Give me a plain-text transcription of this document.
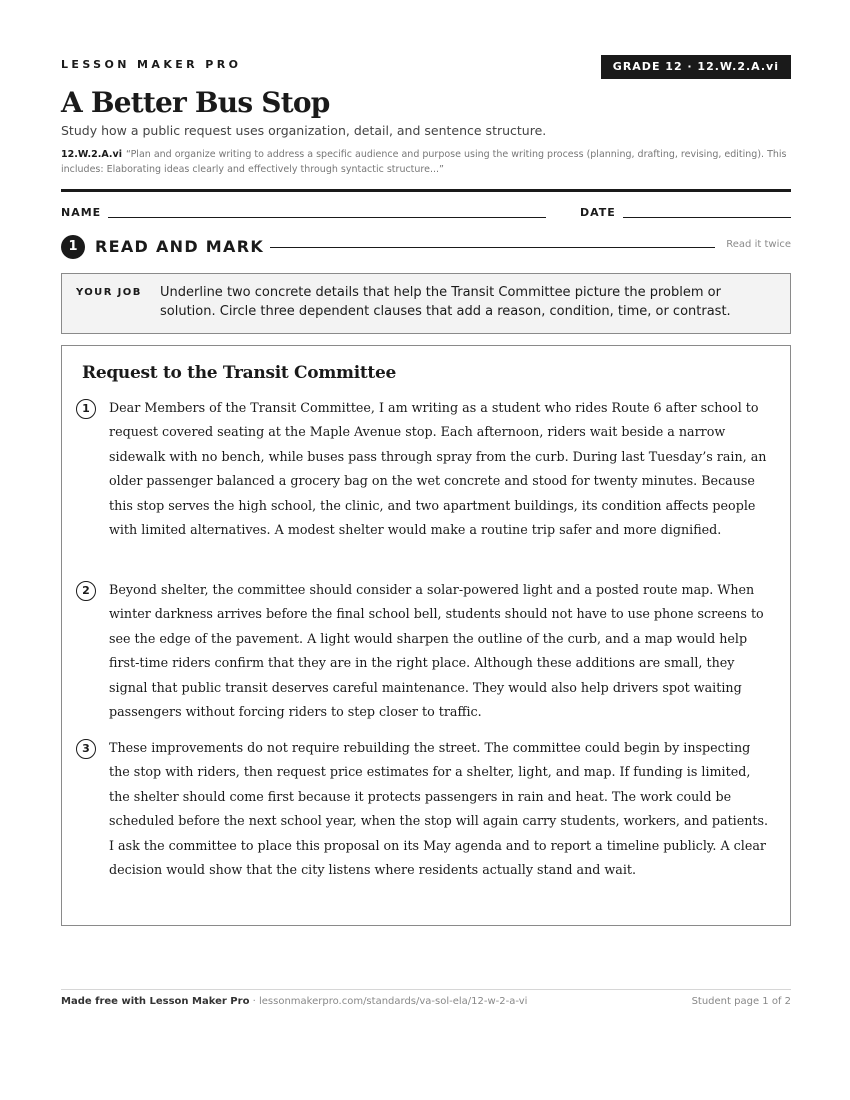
LESSON MAKER PRO	GRADE 12 · 12.W.2.A.vi
A Better Bus Stop
Study how a public request uses organization, detail, and sentence structure.
12.W.2.A.vi “Plan and organize writing to address a specific audience and purpose using the writing process (planning, drafting, revising, editing). This includes: Elaborating ideas clearly and effectively through syntactic structure...”
NAME	DATE
1	READ AND MARK	Read it twice
YOUR JOB Underline two concrete details that help the Transit Committee picture the problem or solution. Circle three dependent clauses that add a reason, condition, time, or contrast.
Request to the Transit Committee
1	Dear Members of the Transit Committee, I am writing as a student who rides Route 6 after school to request covered seating at the Maple Avenue stop. Each afternoon, riders wait beside a narrow sidewalk with no bench, while buses pass through spray from the curb. During last Tuesday’s rain, an older passenger balanced a grocery bag on the wet concrete and stood for twenty minutes. Because this stop serves the high school, the clinic, and two apartment buildings, its condition affects people with limited alternatives. A modest shelter would make a routine trip safer and more dignified.
2	Beyond shelter, the committee should consider a solar-powered light and a posted route map. When winter darkness arrives before the final school bell, students should not have to use phone screens to see the edge of the pavement. A light would sharpen the outline of the curb, and a map would help first-time riders confirm that they are in the right place. Although these additions are small, they signal that public transit deserves careful maintenance. They would also help drivers spot waiting passengers without forcing riders to step closer to traffic.
3	These improvements do not require rebuilding the street. The committee could begin by inspecting the stop with riders, then request price estimates for a shelter, light, and map. If funding is limited, the shelter should come first because it protects passengers in rain and heat. The work could be scheduled before the next school year, when the stop will again carry students, workers, and patients. I ask the committee to place this proposal on its May agenda and to report a timeline publicly. A clear decision would show that the city listens where residents actually stand and wait.
Made free with Lesson Maker Pro · lessonmakerpro.com/standards/va-sol-ela/12-w-2-a-vi	Student page 1 of 2
